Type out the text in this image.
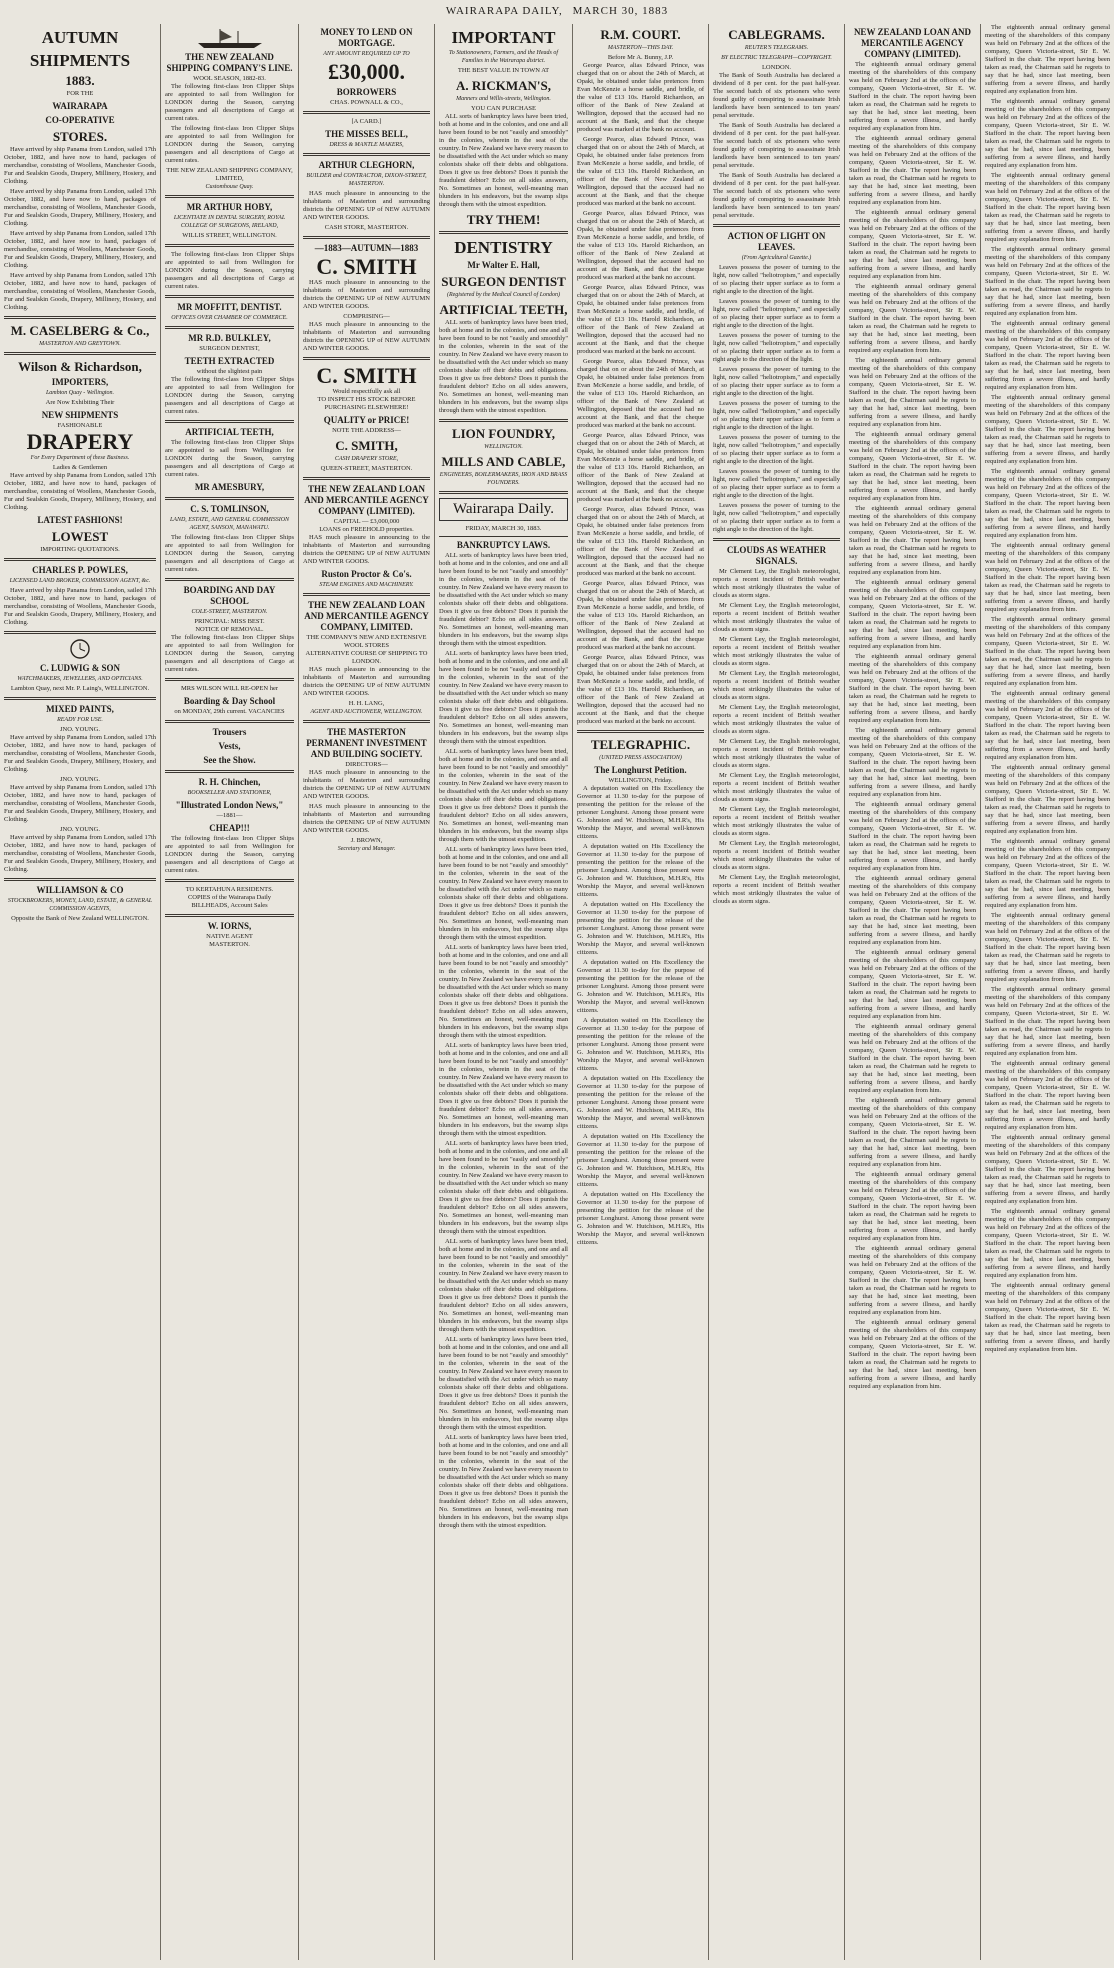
WAIRARAPA DAILY, MARCH 30, 1883
AUTUMN
SHIPMENTS
1883.
FOR THE
WAIRARAPA
CO-OPERATIVE
STORES.

Have arrived by ship Panama from London, sailed 17th October, 1882, and have now to hand, packages of merchandise, consisting of Woollens, Manchester Goods, Fur and Sealskin Goods, Drapery, Millinery, Hosiery, and Clothing.

Have arrived by ship Panama from London, sailed 17th October, 1882, and have now to hand, packages of merchandise, consisting of Woollens, Manchester Goods, Fur and Sealskin Goods, Drapery, Millinery, Hosiery, and Clothing.

Have arrived by ship Panama from London, sailed 17th October, 1882, and have now to hand, packages of merchandise, consisting of Woollens, Manchester Goods, Fur and Sealskin Goods, Drapery, Millinery, Hosiery, and Clothing.

Have arrived by ship Panama from London, sailed 17th October, 1882, and have now to hand, packages of merchandise, consisting of Woollens, Manchester Goods, Fur and Sealskin Goods, Drapery, Millinery, Hosiery, and Clothing.

M. CASELBERG & Co.,
MASTERTON AND GREYTOWN.
Wilson & Richardson,
IMPORTERS,
Lambton Quay - Wellington.
Are Now Exhibiting Their
NEW SHIPMENTS
FASHIONABLE
DRAPERY
For Every Department of these Business.
Ladies & Gentlemen

Have arrived by ship Panama from London, sailed 17th October, 1882, and have now to hand, packages of merchandise, consisting of Woollens, Manchester Goods, Fur and Sealskin Goods, Drapery, Millinery, Hosiery, and Clothing.

LATEST FASHIONS!
LOWEST
IMPORTING QUOTATIONS.
CHARLES P. POWLES,
LICENSED LAND BROKER, COMMISSION AGENT, &c.

Have arrived by ship Panama from London, sailed 17th October, 1882, and have now to hand, packages of merchandise, consisting of Woollens, Manchester Goods, Fur and Sealskin Goods, Drapery, Millinery, Hosiery, and Clothing.

C. LUDWIG & SON
WATCHMAKERS, JEWELLERS, AND OPTICIANS.
Lambton Quay, next Mr. P. Laing's, WELLINGTON.
MIXED PAINTS,
READY FOR USE.
JNO. YOUNG.

Have arrived by ship Panama from London, sailed 17th October, 1882, and have now to hand, packages of merchandise, consisting of Woollens, Manchester Goods, Fur and Sealskin Goods, Drapery, Millinery, Hosiery, and Clothing.

JNO. YOUNG.

Have arrived by ship Panama from London, sailed 17th October, 1882, and have now to hand, packages of merchandise, consisting of Woollens, Manchester Goods, Fur and Sealskin Goods, Drapery, Millinery, Hosiery, and Clothing.

JNO. YOUNG.

Have arrived by ship Panama from London, sailed 17th October, 1882, and have now to hand, packages of merchandise, consisting of Woollens, Manchester Goods, Fur and Sealskin Goods, Drapery, Millinery, Hosiery, and Clothing.

WILLIAMSON & CO
STOCKBROKERS, MONEY, LAND, ESTATE, & GENERAL COMMISSION AGENTS,
Opposite the Bank of New Zealand WELLINGTON.
THE NEW ZEALAND SHIPPING COMPANY'S LINE.
WOOL SEASON, 1882-83.

The following first-class Iron Clipper Ships are appointed to sail from Wellington for LONDON during the Season, carrying passengers and all descriptions of Cargo at current rates.

The following first-class Iron Clipper Ships are appointed to sail from Wellington for LONDON during the Season, carrying passengers and all descriptions of Cargo at current rates.

THE NEW ZEALAND SHIPPING COMPANY, LIMITED,
Customhouse Quay.
MR ARTHUR HOBY,
LICENTIATE IN DENTAL SURGERY, ROYAL COLLEGE OF SURGEONS, IRELAND,
WILLIS STREET, WELLINGTON.

The following first-class Iron Clipper Ships are appointed to sail from Wellington for LONDON during the Season, carrying passengers and all descriptions of Cargo at current rates.

MR MOFFITT, DENTIST.
OFFICES OVER CHAMBER OF COMMERCE.
MR R.D. BULKLEY,
SURGEON DENTIST,
TEETH EXTRACTED
without the slightest pain

The following first-class Iron Clipper Ships are appointed to sail from Wellington for LONDON during the Season, carrying passengers and all descriptions of Cargo at current rates.

ARTIFICIAL TEETH,

The following first-class Iron Clipper Ships are appointed to sail from Wellington for LONDON during the Season, carrying passengers and all descriptions of Cargo at current rates.

MR AMESBURY,
C. S. TOMLINSON,
LAND, ESTATE, AND GENERAL COMMISSION AGENT, SANSON, MANAWATU.

The following first-class Iron Clipper Ships are appointed to sail from Wellington for LONDON during the Season, carrying passengers and all descriptions of Cargo at current rates.

BOARDING AND DAY SCHOOL
COLE-STREET, MASTERTON.
PRINCIPAL: MISS BEST.
NOTICE OF REMOVAL.

The following first-class Iron Clipper Ships are appointed to sail from Wellington for LONDON during the Season, carrying passengers and all descriptions of Cargo at current rates.

MRS WILSON WILL RE-OPEN her
Boarding & Day School
on MONDAY, 29th current. VACANCIES
Trousers
Vests,
See the Show.
R. H. Chinchen,
BOOKSELLER AND STATIONER,
"Illustrated London News,"
—1881—
CHEAP!!!

The following first-class Iron Clipper Ships are appointed to sail from Wellington for LONDON during the Season, carrying passengers and all descriptions of Cargo at current rates.

TO KERTAHUNA RESIDENTS.
COPIES of the Wairarapa Daily
BILLHEADS, Account Sales
W. IORNS,
NATIVE AGENT
MASTERTON.
MONEY TO LEND ON MORTGAGE.
ANY AMOUNT REQUIRED UP TO
£30,000.
BORROWERS
CHAS. POWNALL & CO.,
[A CARD.]
THE MISSES BELL,
DRESS & MANTLE MAKERS,
ARTHUR CLEGHORN,
BUILDER and CONTRACTOR, DIXON-STREET, MASTERTON.

HAS much pleasure in announcing to the inhabitants of Masterton and surrounding districts the OPENING UP of NEW AUTUMN AND WINTER GOODS.

CASH STORE, MASTERTON.
—1883—AUTUMN—1883
C. SMITH

HAS much pleasure in announcing to the inhabitants of Masterton and surrounding districts the OPENING UP of NEW AUTUMN AND WINTER GOODS.

COMPRISING—

HAS much pleasure in announcing to the inhabitants of Masterton and surrounding districts the OPENING UP of NEW AUTUMN AND WINTER GOODS.

C. SMITH
Would respectfully ask all
TO INSPECT HIS STOCK BEFORE PURCHASING ELSEWHERE!
QUALITY or PRICE!
NOTE THE ADDRESS—
C. SMITH,
CASH DRAPERY STORE,
QUEEN-STREET, MASTERTON.
THE NEW ZEALAND LOAN AND MERCANTILE AGENCY COMPANY (LIMITED).
CAPITAL — £3,000,000
LOANS on FREEHOLD properties.

HAS much pleasure in announcing to the inhabitants of Masterton and surrounding districts the OPENING UP of NEW AUTUMN AND WINTER GOODS.

Ruston Proctor & Co's.
STEAM ENGINES AND MACHINERY.
THE NEW ZEALAND LOAN AND MERCANTILE AGENCY COMPANY, LIMITED.
THE COMPANY'S NEW AND EXTENSIVE WOOL STORES
ALTERNATIVE COURSE OF SHIPPING TO LONDON.

HAS much pleasure in announcing to the inhabitants of Masterton and surrounding districts the OPENING UP of NEW AUTUMN AND WINTER GOODS.

H. H. LANG,
AGENT AND AUCTIONEER, WELLINGTON.
THE MASTERTON PERMANENT INVESTMENT AND BUILDING SOCIETY.
DIRECTORS—

HAS much pleasure in announcing to the inhabitants of Masterton and surrounding districts the OPENING UP of NEW AUTUMN AND WINTER GOODS.

HAS much pleasure in announcing to the inhabitants of Masterton and surrounding districts the OPENING UP of NEW AUTUMN AND WINTER GOODS.

J. BROWN,
Secretary and Manager.
IMPORTANT
To Stationowners, Farmers, and the Heads of Families in the Wairarapa district.
THE BEST VALUE IN TOWN AT
A. RICKMAN'S,
Manners and Willis-streets, Wellington.
YOU CAN PURCHASE

ALL sorts of bankruptcy laws have been tried, both at home and in the colonies, and one and all have been found to be not "easily and smoothly" in the colonies, wherein in the seat of the country. In New Zealand we have every reason to be dissatisfied with the Act under which so many colonists shake off their debts and obligations. Does it give us free debtors? Does it punish the fraudulent debtor? Echo on all sides answers, No. Sometimes an honest, well-meaning man blunders in his endeavors, but the swamp slips through them with the utmost expedition.

TRY THEM!
DENTISTRY
Mr Walter E. Hall,
SURGEON DENTIST
(Registered by the Medical Council of London)
ARTIFICIAL TEETH,

ALL sorts of bankruptcy laws have been tried, both at home and in the colonies, and one and all have been found to be not "easily and smoothly" in the colonies, wherein in the seat of the country. In New Zealand we have every reason to be dissatisfied with the Act under which so many colonists shake off their debts and obligations. Does it give us free debtors? Does it punish the fraudulent debtor? Echo on all sides answers, No. Sometimes an honest, well-meaning man blunders in his endeavors, but the swamp slips through them with the utmost expedition.

LION FOUNDRY,
WELLINGTON.
MILLS AND CABLE,
ENGINEERS, BOILERMAKERS, IRON AND BRASS FOUNDERS.
Wairarapa Daily.
FRIDAY, MARCH 30, 1883.
BANKRUPTCY LAWS.

ALL sorts of bankruptcy laws have been tried, both at home and in the colonies, and one and all have been found to be not "easily and smoothly" in the colonies, wherein in the seat of the country. In New Zealand we have every reason to be dissatisfied with the Act under which so many colonists shake off their debts and obligations. Does it give us free debtors? Does it punish the fraudulent debtor? Echo on all sides answers, No. Sometimes an honest, well-meaning man blunders in his endeavors, but the swamp slips through them with the utmost expedition.

ALL sorts of bankruptcy laws have been tried, both at home and in the colonies, and one and all have been found to be not "easily and smoothly" in the colonies, wherein in the seat of the country. In New Zealand we have every reason to be dissatisfied with the Act under which so many colonists shake off their debts and obligations. Does it give us free debtors? Does it punish the fraudulent debtor? Echo on all sides answers, No. Sometimes an honest, well-meaning man blunders in his endeavors, but the swamp slips through them with the utmost expedition.

ALL sorts of bankruptcy laws have been tried, both at home and in the colonies, and one and all have been found to be not "easily and smoothly" in the colonies, wherein in the seat of the country. In New Zealand we have every reason to be dissatisfied with the Act under which so many colonists shake off their debts and obligations. Does it give us free debtors? Does it punish the fraudulent debtor? Echo on all sides answers, No. Sometimes an honest, well-meaning man blunders in his endeavors, but the swamp slips through them with the utmost expedition.

ALL sorts of bankruptcy laws have been tried, both at home and in the colonies, and one and all have been found to be not "easily and smoothly" in the colonies, wherein in the seat of the country. In New Zealand we have every reason to be dissatisfied with the Act under which so many colonists shake off their debts and obligations. Does it give us free debtors? Does it punish the fraudulent debtor? Echo on all sides answers, No. Sometimes an honest, well-meaning man blunders in his endeavors, but the swamp slips through them with the utmost expedition.

ALL sorts of bankruptcy laws have been tried, both at home and in the colonies, and one and all have been found to be not "easily and smoothly" in the colonies, wherein in the seat of the country. In New Zealand we have every reason to be dissatisfied with the Act under which so many colonists shake off their debts and obligations. Does it give us free debtors? Does it punish the fraudulent debtor? Echo on all sides answers, No. Sometimes an honest, well-meaning man blunders in his endeavors, but the swamp slips through them with the utmost expedition.

ALL sorts of bankruptcy laws have been tried, both at home and in the colonies, and one and all have been found to be not "easily and smoothly" in the colonies, wherein in the seat of the country. In New Zealand we have every reason to be dissatisfied with the Act under which so many colonists shake off their debts and obligations. Does it give us free debtors? Does it punish the fraudulent debtor? Echo on all sides answers, No. Sometimes an honest, well-meaning man blunders in his endeavors, but the swamp slips through them with the utmost expedition.

ALL sorts of bankruptcy laws have been tried, both at home and in the colonies, and one and all have been found to be not "easily and smoothly" in the colonies, wherein in the seat of the country. In New Zealand we have every reason to be dissatisfied with the Act under which so many colonists shake off their debts and obligations. Does it give us free debtors? Does it punish the fraudulent debtor? Echo on all sides answers, No. Sometimes an honest, well-meaning man blunders in his endeavors, but the swamp slips through them with the utmost expedition.

ALL sorts of bankruptcy laws have been tried, both at home and in the colonies, and one and all have been found to be not "easily and smoothly" in the colonies, wherein in the seat of the country. In New Zealand we have every reason to be dissatisfied with the Act under which so many colonists shake off their debts and obligations. Does it give us free debtors? Does it punish the fraudulent debtor? Echo on all sides answers, No. Sometimes an honest, well-meaning man blunders in his endeavors, but the swamp slips through them with the utmost expedition.

ALL sorts of bankruptcy laws have been tried, both at home and in the colonies, and one and all have been found to be not "easily and smoothly" in the colonies, wherein in the seat of the country. In New Zealand we have every reason to be dissatisfied with the Act under which so many colonists shake off their debts and obligations. Does it give us free debtors? Does it punish the fraudulent debtor? Echo on all sides answers, No. Sometimes an honest, well-meaning man blunders in his endeavors, but the swamp slips through them with the utmost expedition.

ALL sorts of bankruptcy laws have been tried, both at home and in the colonies, and one and all have been found to be not "easily and smoothly" in the colonies, wherein in the seat of the country. In New Zealand we have every reason to be dissatisfied with the Act under which so many colonists shake off their debts and obligations. Does it give us free debtors? Does it punish the fraudulent debtor? Echo on all sides answers, No. Sometimes an honest, well-meaning man blunders in his endeavors, but the swamp slips through them with the utmost expedition.

R.M. COURT.
MASTERTON—THIS DAY.
Before Mr A. Bunny, J.P.

George Pearce, alias Edward Prince, was charged that on or about the 24th of March, at Opaki, he obtained under false pretences from Evan McKenzie a horse saddle, and bridle, of the value of £13 10s. Harold Richardson, an officer of the Bank of New Zealand at Wellington, deposed that the accused had no account at the Bank, and that the cheque produced was marked at the bank no account.

George Pearce, alias Edward Prince, was charged that on or about the 24th of March, at Opaki, he obtained under false pretences from Evan McKenzie a horse saddle, and bridle, of the value of £13 10s. Harold Richardson, an officer of the Bank of New Zealand at Wellington, deposed that the accused had no account at the Bank, and that the cheque produced was marked at the bank no account.

George Pearce, alias Edward Prince, was charged that on or about the 24th of March, at Opaki, he obtained under false pretences from Evan McKenzie a horse saddle, and bridle, of the value of £13 10s. Harold Richardson, an officer of the Bank of New Zealand at Wellington, deposed that the accused had no account at the Bank, and that the cheque produced was marked at the bank no account.

George Pearce, alias Edward Prince, was charged that on or about the 24th of March, at Opaki, he obtained under false pretences from Evan McKenzie a horse saddle, and bridle, of the value of £13 10s. Harold Richardson, an officer of the Bank of New Zealand at Wellington, deposed that the accused had no account at the Bank, and that the cheque produced was marked at the bank no account.

George Pearce, alias Edward Prince, was charged that on or about the 24th of March, at Opaki, he obtained under false pretences from Evan McKenzie a horse saddle, and bridle, of the value of £13 10s. Harold Richardson, an officer of the Bank of New Zealand at Wellington, deposed that the accused had no account at the Bank, and that the cheque produced was marked at the bank no account.

George Pearce, alias Edward Prince, was charged that on or about the 24th of March, at Opaki, he obtained under false pretences from Evan McKenzie a horse saddle, and bridle, of the value of £13 10s. Harold Richardson, an officer of the Bank of New Zealand at Wellington, deposed that the accused had no account at the Bank, and that the cheque produced was marked at the bank no account.

George Pearce, alias Edward Prince, was charged that on or about the 24th of March, at Opaki, he obtained under false pretences from Evan McKenzie a horse saddle, and bridle, of the value of £13 10s. Harold Richardson, an officer of the Bank of New Zealand at Wellington, deposed that the accused had no account at the Bank, and that the cheque produced was marked at the bank no account.

George Pearce, alias Edward Prince, was charged that on or about the 24th of March, at Opaki, he obtained under false pretences from Evan McKenzie a horse saddle, and bridle, of the value of £13 10s. Harold Richardson, an officer of the Bank of New Zealand at Wellington, deposed that the accused had no account at the Bank, and that the cheque produced was marked at the bank no account.

George Pearce, alias Edward Prince, was charged that on or about the 24th of March, at Opaki, he obtained under false pretences from Evan McKenzie a horse saddle, and bridle, of the value of £13 10s. Harold Richardson, an officer of the Bank of New Zealand at Wellington, deposed that the accused had no account at the Bank, and that the cheque produced was marked at the bank no account.

TELEGRAPHIC.
(UNITED PRESS ASSOCIATION)
The Longhurst Petition.
WELLINGTON, Friday.

A deputation waited on His Excellency the Governor at 11.30 to-day for the purpose of presenting the petition for the release of the prisoner Longhurst. Among those present were G. Johnston and W. Hutchison, M.H.R's, His Worship the Mayor, and several well-known citizens.

A deputation waited on His Excellency the Governor at 11.30 to-day for the purpose of presenting the petition for the release of the prisoner Longhurst. Among those present were G. Johnston and W. Hutchison, M.H.R's, His Worship the Mayor, and several well-known citizens.

A deputation waited on His Excellency the Governor at 11.30 to-day for the purpose of presenting the petition for the release of the prisoner Longhurst. Among those present were G. Johnston and W. Hutchison, M.H.R's, His Worship the Mayor, and several well-known citizens.

A deputation waited on His Excellency the Governor at 11.30 to-day for the purpose of presenting the petition for the release of the prisoner Longhurst. Among those present were G. Johnston and W. Hutchison, M.H.R's, His Worship the Mayor, and several well-known citizens.

A deputation waited on His Excellency the Governor at 11.30 to-day for the purpose of presenting the petition for the release of the prisoner Longhurst. Among those present were G. Johnston and W. Hutchison, M.H.R's, His Worship the Mayor, and several well-known citizens.

A deputation waited on His Excellency the Governor at 11.30 to-day for the purpose of presenting the petition for the release of the prisoner Longhurst. Among those present were G. Johnston and W. Hutchison, M.H.R's, His Worship the Mayor, and several well-known citizens.

A deputation waited on His Excellency the Governor at 11.30 to-day for the purpose of presenting the petition for the release of the prisoner Longhurst. Among those present were G. Johnston and W. Hutchison, M.H.R's, His Worship the Mayor, and several well-known citizens.

A deputation waited on His Excellency the Governor at 11.30 to-day for the purpose of presenting the petition for the release of the prisoner Longhurst. Among those present were G. Johnston and W. Hutchison, M.H.R's, His Worship the Mayor, and several well-known citizens.

CABLEGRAMS.
REUTER'S TELEGRAMS.
BY ELECTRIC TELEGRAPH—COPYRIGHT.
LONDON.

The Bank of South Australia has declared a dividend of 8 per cent. for the past half-year. The second batch of six prisoners who were found guilty of conspiring to assassinate Irish landlords have been sentenced to ten years' penal servitude.

The Bank of South Australia has declared a dividend of 8 per cent. for the past half-year. The second batch of six prisoners who were found guilty of conspiring to assassinate Irish landlords have been sentenced to ten years' penal servitude.

The Bank of South Australia has declared a dividend of 8 per cent. for the past half-year. The second batch of six prisoners who were found guilty of conspiring to assassinate Irish landlords have been sentenced to ten years' penal servitude.

ACTION OF LIGHT ON LEAVES.
(From Agricultural Gazette.)

Leaves possess the power of turning to the light, now called "heliotropism," and especially of so placing their upper surface as to form a right angle to the direction of the light.

Leaves possess the power of turning to the light, now called "heliotropism," and especially of so placing their upper surface as to form a right angle to the direction of the light.

Leaves possess the power of turning to the light, now called "heliotropism," and especially of so placing their upper surface as to form a right angle to the direction of the light.

Leaves possess the power of turning to the light, now called "heliotropism," and especially of so placing their upper surface as to form a right angle to the direction of the light.

Leaves possess the power of turning to the light, now called "heliotropism," and especially of so placing their upper surface as to form a right angle to the direction of the light.

Leaves possess the power of turning to the light, now called "heliotropism," and especially of so placing their upper surface as to form a right angle to the direction of the light.

Leaves possess the power of turning to the light, now called "heliotropism," and especially of so placing their upper surface as to form a right angle to the direction of the light.

Leaves possess the power of turning to the light, now called "heliotropism," and especially of so placing their upper surface as to form a right angle to the direction of the light.

CLOUDS AS WEATHER SIGNALS.

Mr Clement Ley, the English meteorologist, reports a recent incident of British weather which most strikingly illustrates the value of clouds as storm signs.

Mr Clement Ley, the English meteorologist, reports a recent incident of British weather which most strikingly illustrates the value of clouds as storm signs.

Mr Clement Ley, the English meteorologist, reports a recent incident of British weather which most strikingly illustrates the value of clouds as storm signs.

Mr Clement Ley, the English meteorologist, reports a recent incident of British weather which most strikingly illustrates the value of clouds as storm signs.

Mr Clement Ley, the English meteorologist, reports a recent incident of British weather which most strikingly illustrates the value of clouds as storm signs.

Mr Clement Ley, the English meteorologist, reports a recent incident of British weather which most strikingly illustrates the value of clouds as storm signs.

Mr Clement Ley, the English meteorologist, reports a recent incident of British weather which most strikingly illustrates the value of clouds as storm signs.

Mr Clement Ley, the English meteorologist, reports a recent incident of British weather which most strikingly illustrates the value of clouds as storm signs.

Mr Clement Ley, the English meteorologist, reports a recent incident of British weather which most strikingly illustrates the value of clouds as storm signs.

Mr Clement Ley, the English meteorologist, reports a recent incident of British weather which most strikingly illustrates the value of clouds as storm signs.

NEW ZEALAND LOAN AND MERCANTILE AGENCY COMPANY (LIMITED).

The eighteenth annual ordinary general meeting of the shareholders of this company was held on February 2nd at the offices of the company, Queen Victoria-street, Sir E. W. Stafford in the chair. The report having been taken as read, the Chairman said he regrets to say that he had, since last meeting, been suffering from a severe illness, and hardly required any explanation from him.

The eighteenth annual ordinary general meeting of the shareholders of this company was held on February 2nd at the offices of the company, Queen Victoria-street, Sir E. W. Stafford in the chair. The report having been taken as read, the Chairman said he regrets to say that he had, since last meeting, been suffering from a severe illness, and hardly required any explanation from him.

The eighteenth annual ordinary general meeting of the shareholders of this company was held on February 2nd at the offices of the company, Queen Victoria-street, Sir E. W. Stafford in the chair. The report having been taken as read, the Chairman said he regrets to say that he had, since last meeting, been suffering from a severe illness, and hardly required any explanation from him.

The eighteenth annual ordinary general meeting of the shareholders of this company was held on February 2nd at the offices of the company, Queen Victoria-street, Sir E. W. Stafford in the chair. The report having been taken as read, the Chairman said he regrets to say that he had, since last meeting, been suffering from a severe illness, and hardly required any explanation from him.

The eighteenth annual ordinary general meeting of the shareholders of this company was held on February 2nd at the offices of the company, Queen Victoria-street, Sir E. W. Stafford in the chair. The report having been taken as read, the Chairman said he regrets to say that he had, since last meeting, been suffering from a severe illness, and hardly required any explanation from him.

The eighteenth annual ordinary general meeting of the shareholders of this company was held on February 2nd at the offices of the company, Queen Victoria-street, Sir E. W. Stafford in the chair. The report having been taken as read, the Chairman said he regrets to say that he had, since last meeting, been suffering from a severe illness, and hardly required any explanation from him.

The eighteenth annual ordinary general meeting of the shareholders of this company was held on February 2nd at the offices of the company, Queen Victoria-street, Sir E. W. Stafford in the chair. The report having been taken as read, the Chairman said he regrets to say that he had, since last meeting, been suffering from a severe illness, and hardly required any explanation from him.

The eighteenth annual ordinary general meeting of the shareholders of this company was held on February 2nd at the offices of the company, Queen Victoria-street, Sir E. W. Stafford in the chair. The report having been taken as read, the Chairman said he regrets to say that he had, since last meeting, been suffering from a severe illness, and hardly required any explanation from him.

The eighteenth annual ordinary general meeting of the shareholders of this company was held on February 2nd at the offices of the company, Queen Victoria-street, Sir E. W. Stafford in the chair. The report having been taken as read, the Chairman said he regrets to say that he had, since last meeting, been suffering from a severe illness, and hardly required any explanation from him.

The eighteenth annual ordinary general meeting of the shareholders of this company was held on February 2nd at the offices of the company, Queen Victoria-street, Sir E. W. Stafford in the chair. The report having been taken as read, the Chairman said he regrets to say that he had, since last meeting, been suffering from a severe illness, and hardly required any explanation from him.

The eighteenth annual ordinary general meeting of the shareholders of this company was held on February 2nd at the offices of the company, Queen Victoria-street, Sir E. W. Stafford in the chair. The report having been taken as read, the Chairman said he regrets to say that he had, since last meeting, been suffering from a severe illness, and hardly required any explanation from him.

The eighteenth annual ordinary general meeting of the shareholders of this company was held on February 2nd at the offices of the company, Queen Victoria-street, Sir E. W. Stafford in the chair. The report having been taken as read, the Chairman said he regrets to say that he had, since last meeting, been suffering from a severe illness, and hardly required any explanation from him.

The eighteenth annual ordinary general meeting of the shareholders of this company was held on February 2nd at the offices of the company, Queen Victoria-street, Sir E. W. Stafford in the chair. The report having been taken as read, the Chairman said he regrets to say that he had, since last meeting, been suffering from a severe illness, and hardly required any explanation from him.

The eighteenth annual ordinary general meeting of the shareholders of this company was held on February 2nd at the offices of the company, Queen Victoria-street, Sir E. W. Stafford in the chair. The report having been taken as read, the Chairman said he regrets to say that he had, since last meeting, been suffering from a severe illness, and hardly required any explanation from him.

The eighteenth annual ordinary general meeting of the shareholders of this company was held on February 2nd at the offices of the company, Queen Victoria-street, Sir E. W. Stafford in the chair. The report having been taken as read, the Chairman said he regrets to say that he had, since last meeting, been suffering from a severe illness, and hardly required any explanation from him.

The eighteenth annual ordinary general meeting of the shareholders of this company was held on February 2nd at the offices of the company, Queen Victoria-street, Sir E. W. Stafford in the chair. The report having been taken as read, the Chairman said he regrets to say that he had, since last meeting, been suffering from a severe illness, and hardly required any explanation from him.

The eighteenth annual ordinary general meeting of the shareholders of this company was held on February 2nd at the offices of the company, Queen Victoria-street, Sir E. W. Stafford in the chair. The report having been taken as read, the Chairman said he regrets to say that he had, since last meeting, been suffering from a severe illness, and hardly required any explanation from him.

The eighteenth annual ordinary general meeting of the shareholders of this company was held on February 2nd at the offices of the company, Queen Victoria-street, Sir E. W. Stafford in the chair. The report having been taken as read, the Chairman said he regrets to say that he had, since last meeting, been suffering from a severe illness, and hardly required any explanation from him.

The eighteenth annual ordinary general meeting of the shareholders of this company was held on February 2nd at the offices of the company, Queen Victoria-street, Sir E. W. Stafford in the chair. The report having been taken as read, the Chairman said he regrets to say that he had, since last meeting, been suffering from a severe illness, and hardly required any explanation from him.

The eighteenth annual ordinary general meeting of the shareholders of this company was held on February 2nd at the offices of the company, Queen Victoria-street, Sir E. W. Stafford in the chair. The report having been taken as read, the Chairman said he regrets to say that he had, since last meeting, been suffering from a severe illness, and hardly required any explanation from him.

The eighteenth annual ordinary general meeting of the shareholders of this company was held on February 2nd at the offices of the company, Queen Victoria-street, Sir E. W. Stafford in the chair. The report having been taken as read, the Chairman said he regrets to say that he had, since last meeting, been suffering from a severe illness, and hardly required any explanation from him.

The eighteenth annual ordinary general meeting of the shareholders of this company was held on February 2nd at the offices of the company, Queen Victoria-street, Sir E. W. Stafford in the chair. The report having been taken as read, the Chairman said he regrets to say that he had, since last meeting, been suffering from a severe illness, and hardly required any explanation from him.

The eighteenth annual ordinary general meeting of the shareholders of this company was held on February 2nd at the offices of the company, Queen Victoria-street, Sir E. W. Stafford in the chair. The report having been taken as read, the Chairman said he regrets to say that he had, since last meeting, been suffering from a severe illness, and hardly required any explanation from him.

The eighteenth annual ordinary general meeting of the shareholders of this company was held on February 2nd at the offices of the company, Queen Victoria-street, Sir E. W. Stafford in the chair. The report having been taken as read, the Chairman said he regrets to say that he had, since last meeting, been suffering from a severe illness, and hardly required any explanation from him.

The eighteenth annual ordinary general meeting of the shareholders of this company was held on February 2nd at the offices of the company, Queen Victoria-street, Sir E. W. Stafford in the chair. The report having been taken as read, the Chairman said he regrets to say that he had, since last meeting, been suffering from a severe illness, and hardly required any explanation from him.

The eighteenth annual ordinary general meeting of the shareholders of this company was held on February 2nd at the offices of the company, Queen Victoria-street, Sir E. W. Stafford in the chair. The report having been taken as read, the Chairman said he regrets to say that he had, since last meeting, been suffering from a severe illness, and hardly required any explanation from him.

The eighteenth annual ordinary general meeting of the shareholders of this company was held on February 2nd at the offices of the company, Queen Victoria-street, Sir E. W. Stafford in the chair. The report having been taken as read, the Chairman said he regrets to say that he had, since last meeting, been suffering from a severe illness, and hardly required any explanation from him.

The eighteenth annual ordinary general meeting of the shareholders of this company was held on February 2nd at the offices of the company, Queen Victoria-street, Sir E. W. Stafford in the chair. The report having been taken as read, the Chairman said he regrets to say that he had, since last meeting, been suffering from a severe illness, and hardly required any explanation from him.

The eighteenth annual ordinary general meeting of the shareholders of this company was held on February 2nd at the offices of the company, Queen Victoria-street, Sir E. W. Stafford in the chair. The report having been taken as read, the Chairman said he regrets to say that he had, since last meeting, been suffering from a severe illness, and hardly required any explanation from him.

The eighteenth annual ordinary general meeting of the shareholders of this company was held on February 2nd at the offices of the company, Queen Victoria-street, Sir E. W. Stafford in the chair. The report having been taken as read, the Chairman said he regrets to say that he had, since last meeting, been suffering from a severe illness, and hardly required any explanation from him.

The eighteenth annual ordinary general meeting of the shareholders of this company was held on February 2nd at the offices of the company, Queen Victoria-street, Sir E. W. Stafford in the chair. The report having been taken as read, the Chairman said he regrets to say that he had, since last meeting, been suffering from a severe illness, and hardly required any explanation from him.

The eighteenth annual ordinary general meeting of the shareholders of this company was held on February 2nd at the offices of the company, Queen Victoria-street, Sir E. W. Stafford in the chair. The report having been taken as read, the Chairman said he regrets to say that he had, since last meeting, been suffering from a severe illness, and hardly required any explanation from him.

The eighteenth annual ordinary general meeting of the shareholders of this company was held on February 2nd at the offices of the company, Queen Victoria-street, Sir E. W. Stafford in the chair. The report having been taken as read, the Chairman said he regrets to say that he had, since last meeting, been suffering from a severe illness, and hardly required any explanation from him.

The eighteenth annual ordinary general meeting of the shareholders of this company was held on February 2nd at the offices of the company, Queen Victoria-street, Sir E. W. Stafford in the chair. The report having been taken as read, the Chairman said he regrets to say that he had, since last meeting, been suffering from a severe illness, and hardly required any explanation from him.

The eighteenth annual ordinary general meeting of the shareholders of this company was held on February 2nd at the offices of the company, Queen Victoria-street, Sir E. W. Stafford in the chair. The report having been taken as read, the Chairman said he regrets to say that he had, since last meeting, been suffering from a severe illness, and hardly required any explanation from him.

The eighteenth annual ordinary general meeting of the shareholders of this company was held on February 2nd at the offices of the company, Queen Victoria-street, Sir E. W. Stafford in the chair. The report having been taken as read, the Chairman said he regrets to say that he had, since last meeting, been suffering from a severe illness, and hardly required any explanation from him.
